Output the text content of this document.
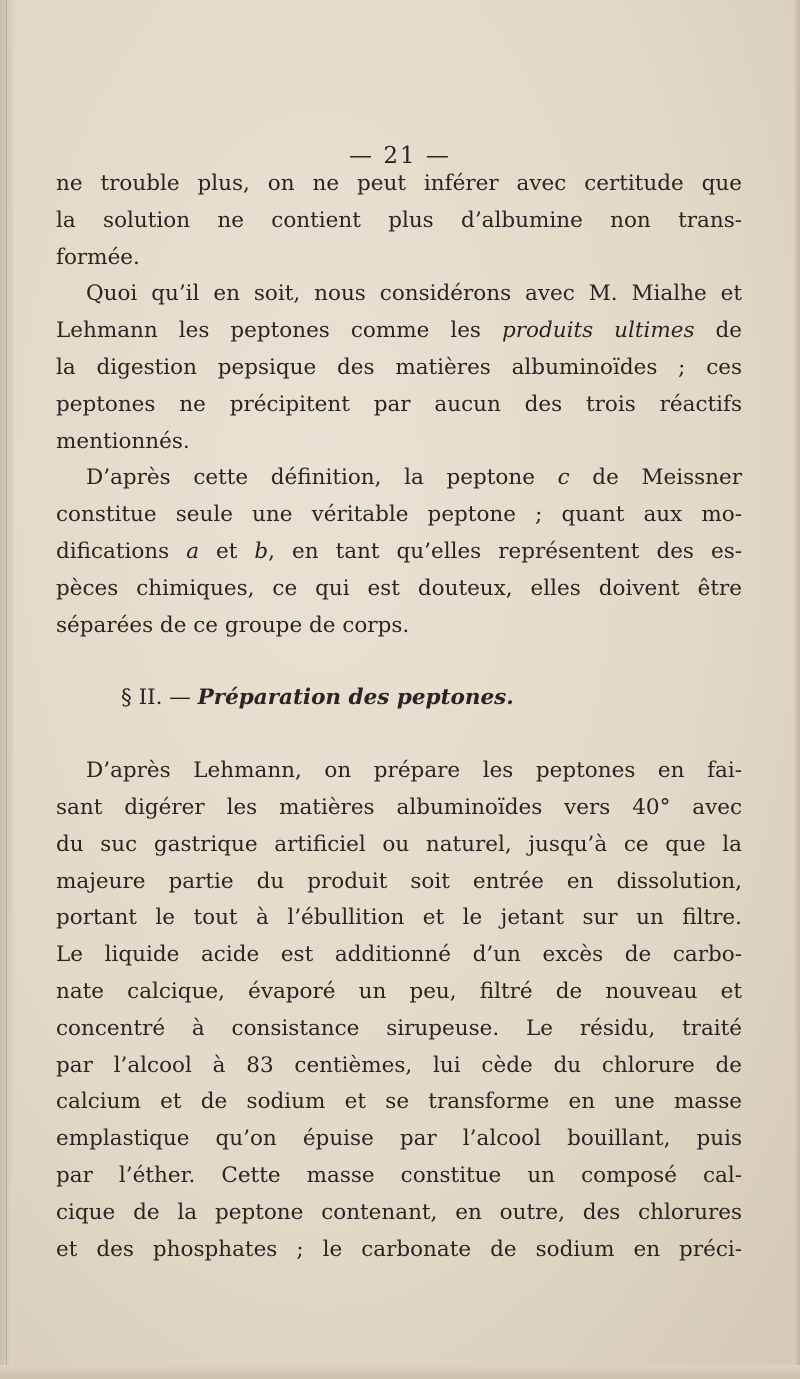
— 21 —
ne trouble plus, on ne peut inférer avec certitude que
la solution ne contient plus d’albumine non trans-
formée.
Quoi qu’il en soit, nous considérons avec M. Mialhe et
Lehmann les peptones comme les produits ultimes de
la digestion pepsique des matières albuminoïdes ; ces
peptones ne précipitent par aucun des trois réactifs
mentionnés.
D’après cette définition, la peptone c de Meissner
constitue seule une véritable peptone ; quant aux mo-
difications a et b, en tant qu’elles représentent des es-
pèces chimiques, ce qui est douteux, elles doivent être
séparées de ce groupe de corps.
§ II. — Préparation des peptones.
D’après Lehmann, on prépare les peptones en fai-
sant digérer les matières albuminoïdes vers 40° avec
du suc gastrique artificiel ou naturel, jusqu’à ce que la
majeure partie du produit soit entrée en dissolution,
portant le tout à l’ébullition et le jetant sur un filtre.
Le liquide acide est additionné d’un excès de carbo-
nate calcique, évaporé un peu, filtré de nouveau et
concentré à consistance sirupeuse. Le résidu, traité
par l’alcool à 83 centièmes, lui cède du chlorure de
calcium et de sodium et se transforme en une masse
emplastique qu’on épuise par l’alcool bouillant, puis
par l’éther. Cette masse constitue un composé cal-
cique de la peptone contenant, en outre, des chlorures
et des phosphates ; le carbonate de sodium en préci-
